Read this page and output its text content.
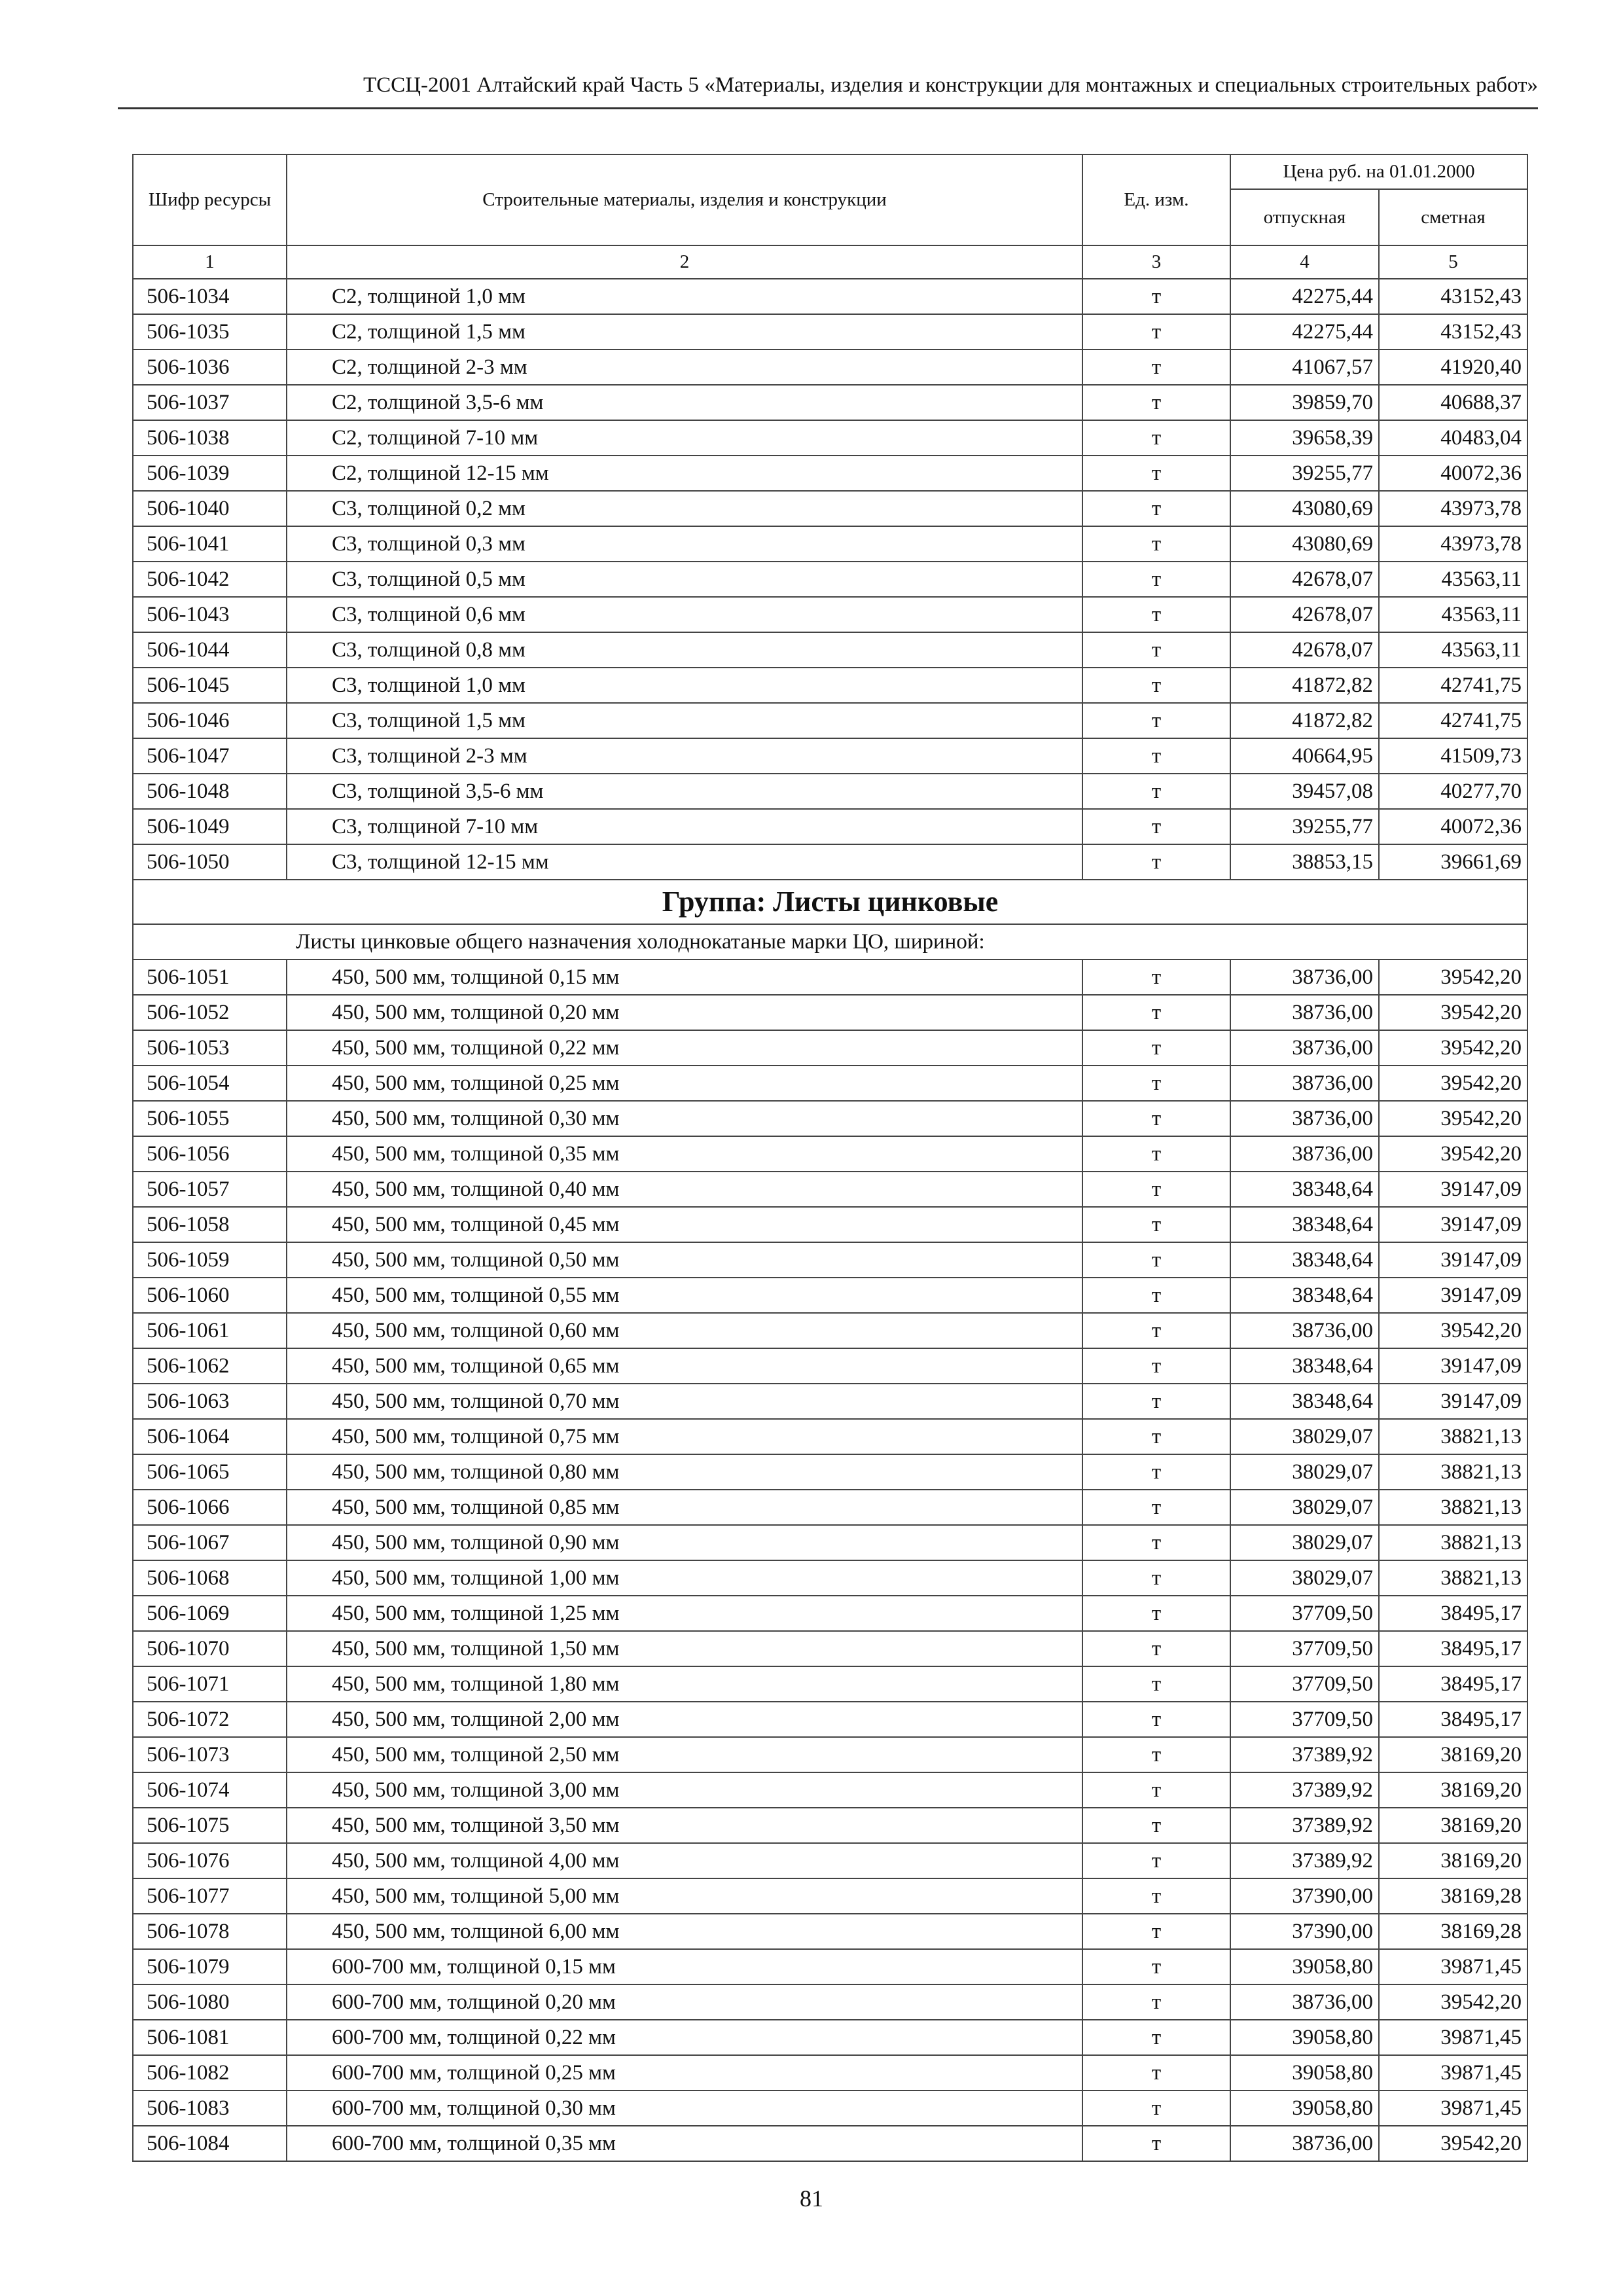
ТССЦ-2001 Алтайский край Часть 5 «Материалы, изделия и конструкции для монтажных и специальных строительных работ»
Шифр ресурсы	Строительные материалы, изделия и конструкции	Ед. изм.	Цена руб. на 01.01.2000	
			отпускная	сметная
1	2	3	4	5
506-1034	С2, толщиной 1,0 мм	т	42275,44	43152,43
506-1035	С2, толщиной 1,5 мм	т	42275,44	43152,43
506-1036	С2, толщиной 2-3 мм	т	41067,57	41920,40
506-1037	С2, толщиной 3,5-6 мм	т	39859,70	40688,37
506-1038	С2, толщиной 7-10 мм	т	39658,39	40483,04
506-1039	С2, толщиной 12-15 мм	т	39255,77	40072,36
506-1040	С3, толщиной 0,2 мм	т	43080,69	43973,78
506-1041	С3, толщиной 0,3 мм	т	43080,69	43973,78
506-1042	С3, толщиной 0,5 мм	т	42678,07	43563,11
506-1043	С3, толщиной 0,6 мм	т	42678,07	43563,11
506-1044	С3, толщиной 0,8 мм	т	42678,07	43563,11
506-1045	С3, толщиной 1,0 мм	т	41872,82	42741,75
506-1046	С3, толщиной 1,5 мм	т	41872,82	42741,75
506-1047	С3, толщиной 2-3 мм	т	40664,95	41509,73
506-1048	С3, толщиной 3,5-6 мм	т	39457,08	40277,70
506-1049	С3, толщиной 7-10 мм	т	39255,77	40072,36
506-1050	С3, толщиной 12-15 мм	т	38853,15	39661,69
Группа: Листы цинковые				
Листы цинковые общего назначения холоднокатаные марки ЦО, шириной:				
506-1051	450, 500 мм, толщиной 0,15 мм	т	38736,00	39542,20
506-1052	450, 500 мм, толщиной 0,20 мм	т	38736,00	39542,20
506-1053	450, 500 мм, толщиной 0,22 мм	т	38736,00	39542,20
506-1054	450, 500 мм, толщиной 0,25 мм	т	38736,00	39542,20
506-1055	450, 500 мм, толщиной 0,30 мм	т	38736,00	39542,20
506-1056	450, 500 мм, толщиной 0,35 мм	т	38736,00	39542,20
506-1057	450, 500 мм, толщиной 0,40 мм	т	38348,64	39147,09
506-1058	450, 500 мм, толщиной 0,45 мм	т	38348,64	39147,09
506-1059	450, 500 мм, толщиной 0,50 мм	т	38348,64	39147,09
506-1060	450, 500 мм, толщиной 0,55 мм	т	38348,64	39147,09
506-1061	450, 500 мм, толщиной 0,60 мм	т	38736,00	39542,20
506-1062	450, 500 мм, толщиной 0,65 мм	т	38348,64	39147,09
506-1063	450, 500 мм, толщиной 0,70 мм	т	38348,64	39147,09
506-1064	450, 500 мм, толщиной 0,75 мм	т	38029,07	38821,13
506-1065	450, 500 мм, толщиной 0,80 мм	т	38029,07	38821,13
506-1066	450, 500 мм, толщиной 0,85 мм	т	38029,07	38821,13
506-1067	450, 500 мм, толщиной 0,90 мм	т	38029,07	38821,13
506-1068	450, 500 мм, толщиной 1,00 мм	т	38029,07	38821,13
506-1069	450, 500 мм, толщиной 1,25 мм	т	37709,50	38495,17
506-1070	450, 500 мм, толщиной 1,50 мм	т	37709,50	38495,17
506-1071	450, 500 мм, толщиной 1,80 мм	т	37709,50	38495,17
506-1072	450, 500 мм, толщиной 2,00 мм	т	37709,50	38495,17
506-1073	450, 500 мм, толщиной 2,50 мм	т	37389,92	38169,20
506-1074	450, 500 мм, толщиной 3,00 мм	т	37389,92	38169,20
506-1075	450, 500 мм, толщиной 3,50 мм	т	37389,92	38169,20
506-1076	450, 500 мм, толщиной 4,00 мм	т	37389,92	38169,20
506-1077	450, 500 мм, толщиной 5,00 мм	т	37390,00	38169,28
506-1078	450, 500 мм, толщиной 6,00 мм	т	37390,00	38169,28
506-1079	600-700 мм, толщиной 0,15 мм	т	39058,80	39871,45
506-1080	600-700 мм, толщиной 0,20 мм	т	38736,00	39542,20
506-1081	600-700 мм, толщиной 0,22 мм	т	39058,80	39871,45
506-1082	600-700 мм, толщиной 0,25 мм	т	39058,80	39871,45
506-1083	600-700 мм, толщиной 0,30 мм	т	39058,80	39871,45
506-1084	600-700 мм, толщиной 0,35 мм	т	38736,00	39542,20
81
